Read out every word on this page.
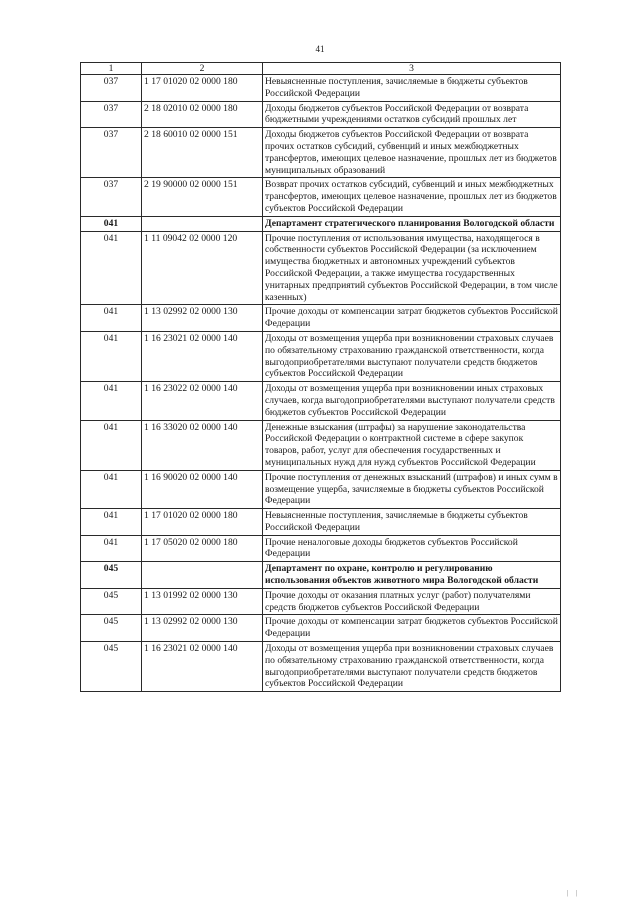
41
1	2	3
037	1 17 01020 02 0000 180	Невыясненные поступления, зачисляемые в бюджеты субъектов Российской Федерации
037	2 18 02010 02 0000 180	Доходы бюджетов субъектов Российской Федерации от возврата бюджетными учреждениями остатков субсидий прошлых лет
037	2 18 60010 02 0000 151	Доходы бюджетов субъектов Российской Федерации от возврата прочих остатков субсидий, субвенций и иных межбюджетных трансфертов, имеющих целевое назначение, прошлых лет из бюджетов муниципальных образований
037	2 19 90000 02 0000 151	Возврат прочих остатков субсидий, субвенций и иных межбюджетных трансфертов, имеющих целевое назначение, прошлых лет из бюджетов субъектов Российской Федерации
041		Департамент стратегического планирования Вологодской области
041	1 11 09042 02 0000 120	Прочие поступления от использования имущества, находящегося в собственности субъектов Российской Федерации (за исключением имущества бюджетных и автономных учреждений субъектов Российской Федерации, а также имущества государственных унитарных предприятий субъектов Российской Федерации, в том числе казенных)
041	1 13 02992 02 0000 130	Прочие доходы от компенсации затрат бюджетов субъектов Российской Федерации
041	1 16 23021 02 0000 140	Доходы от возмещения ущерба при возникновении страховых случаев по обязательному страхованию гражданской ответственности, когда выгодоприобретателями выступают получатели средств бюджетов субъектов Российской Федерации
041	1 16 23022 02 0000 140	Доходы от возмещения ущерба при возникновении иных страховых случаев, когда выгодоприобретателями выступают получатели средств бюджетов субъектов Российской Федерации
041	1 16 33020 02 0000 140	Денежные взыскания (штрафы) за нарушение законодательства Российской Федерации о контрактной системе в сфере закупок товаров, работ, услуг для обеспечения государственных и муниципальных нужд для нужд субъектов Российской Федерации
041	1 16 90020 02 0000 140	Прочие поступления от денежных взысканий (штрафов) и иных сумм в возмещение ущерба, зачисляемые в бюджеты субъектов Российской Федерации
041	1 17 01020 02 0000 180	Невыясненные поступления, зачисляемые в бюджеты субъектов Российской Федерации
041	1 17 05020 02 0000 180	Прочие неналоговые доходы бюджетов субъектов Российской Федерации
045		Департамент по охране, контролю и регулированию использования объектов животного мира Вологодской области
045	1 13 01992 02 0000 130	Прочие доходы от оказания платных услуг (работ) получателями средств бюджетов субъектов Российской Федерации
045	1 13 02992 02 0000 130	Прочие доходы от компенсации затрат бюджетов субъектов Российской Федерации
045	1 16 23021 02 0000 140	Доходы от возмещения ущерба при возникновении страховых случаев по обязательному страхованию гражданской ответственности, когда выгодоприобретателями выступают получатели средств бюджетов субъектов Российской Федерации
| |
